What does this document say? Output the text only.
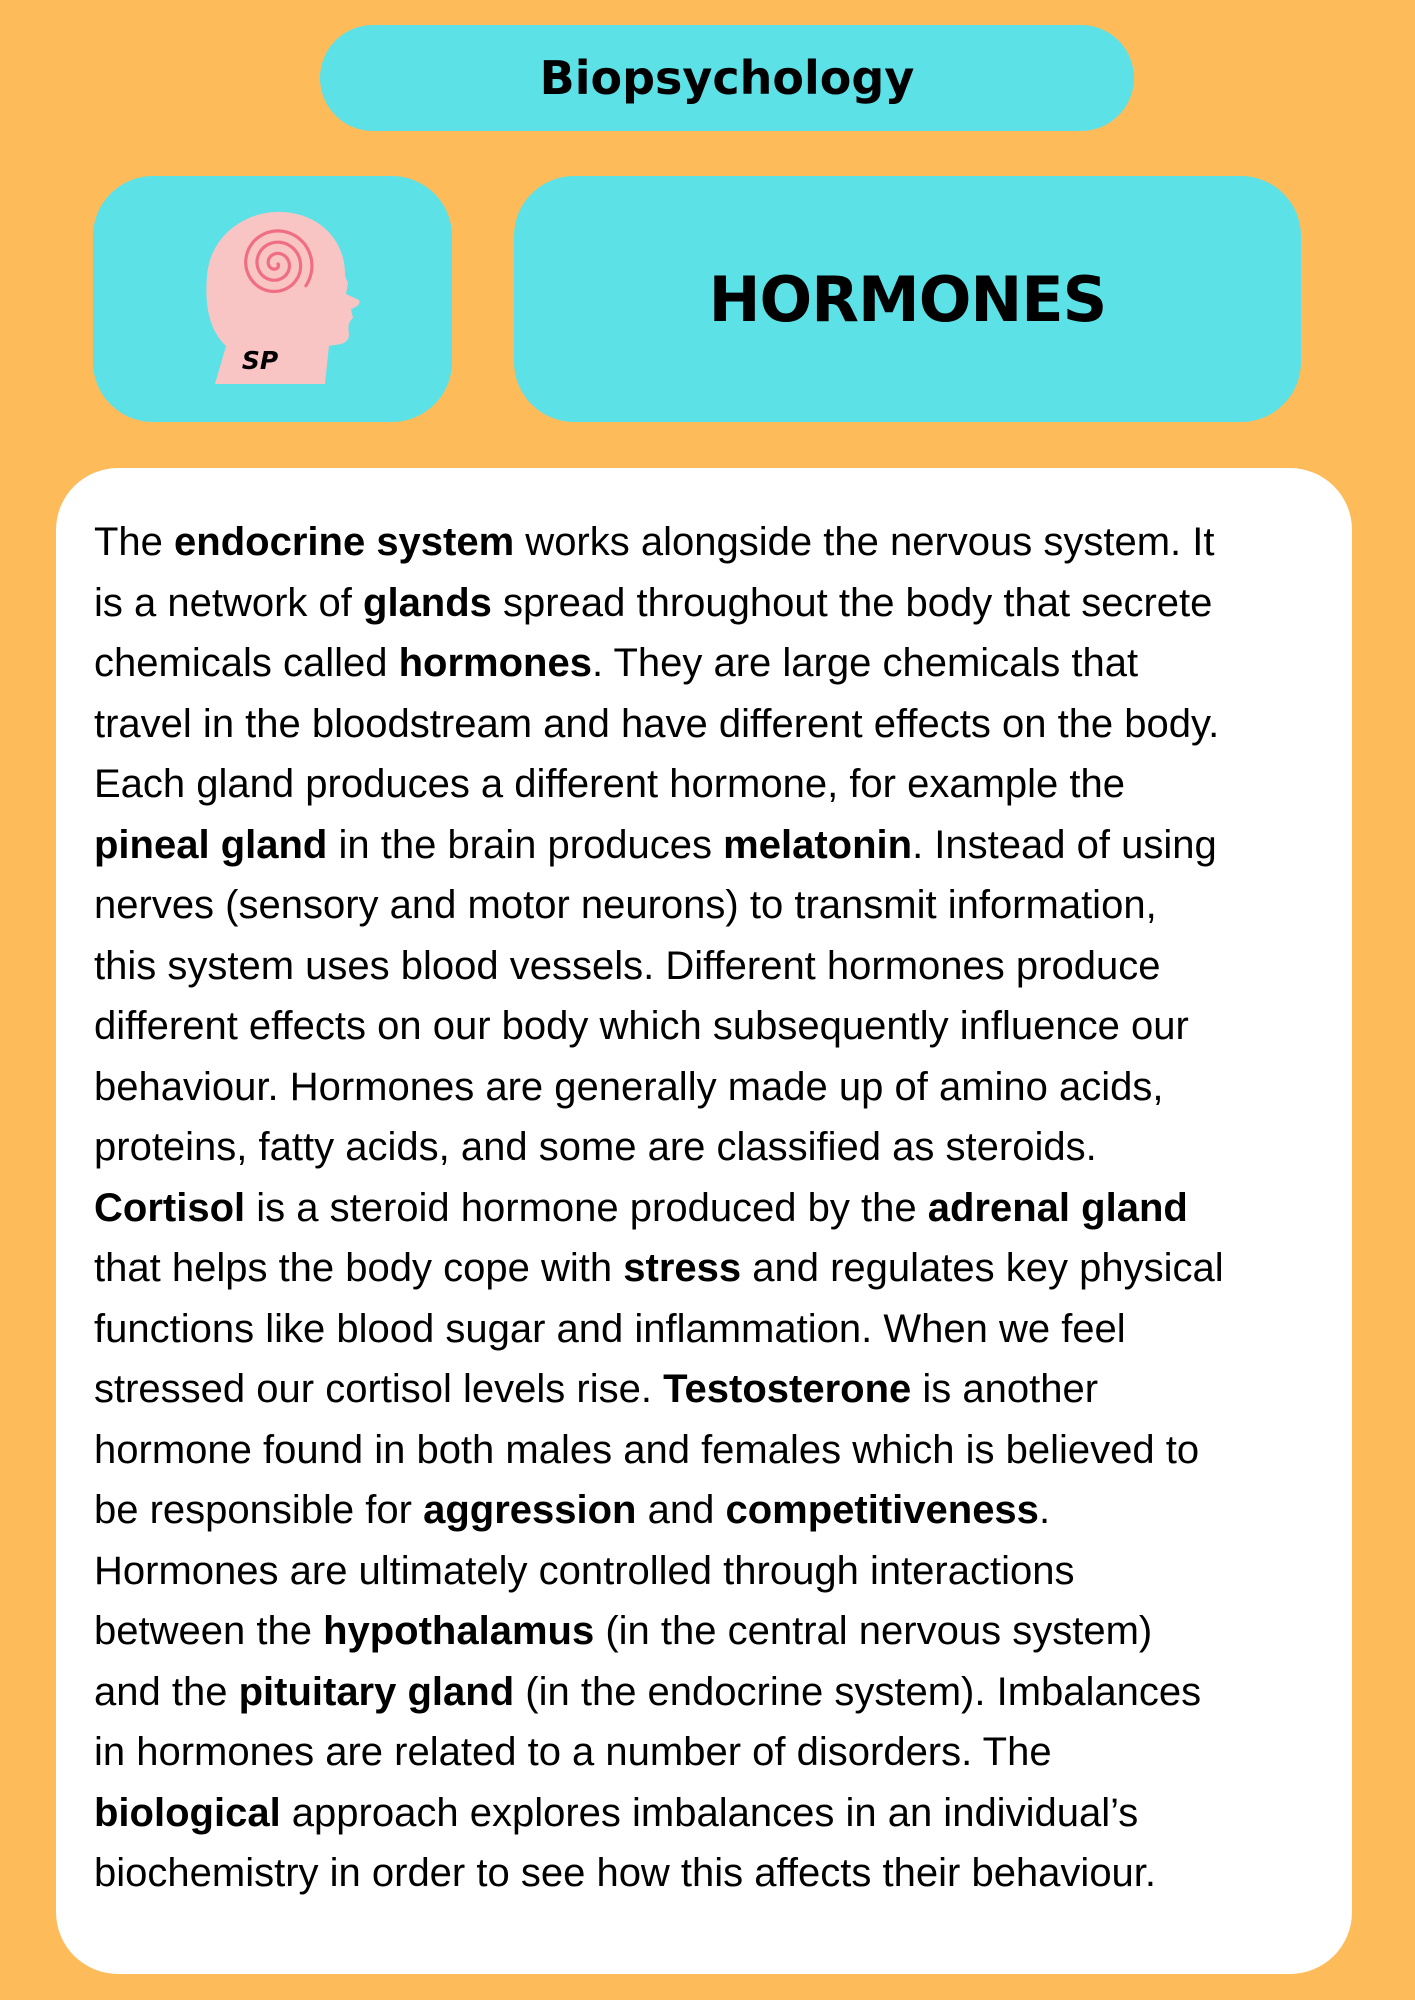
Biopsychology
SP
HORMONES
The endocrine system works alongside the nervous system. It
is a network of glands spread throughout the body that secrete
chemicals called hormones. They are large chemicals that
travel in the bloodstream and have different effects on the body.
Each gland produces a different hormone, for example the
pineal gland in the brain produces melatonin. Instead of using
nerves (sensory and motor neurons) to transmit information,
this system uses blood vessels. Different hormones produce
different effects on our body which subsequently influence our
behaviour. Hormones are generally made up of amino acids,
proteins, fatty acids, and some are classified as steroids.
Cortisol is a steroid hormone produced by the adrenal gland
that helps the body cope with stress and regulates key physical
functions like blood sugar and inflammation. When we feel
stressed our cortisol levels rise. Testosterone is another
hormone found in both males and females which is believed to
be responsible for aggression and competitiveness.
Hormones are ultimately controlled through interactions
between the hypothalamus (in the central nervous system)
and the pituitary gland (in the endocrine system). Imbalances
in hormones are related to a number of disorders. The
biological approach explores imbalances in an individual’s
biochemistry in order to see how this affects their behaviour.
